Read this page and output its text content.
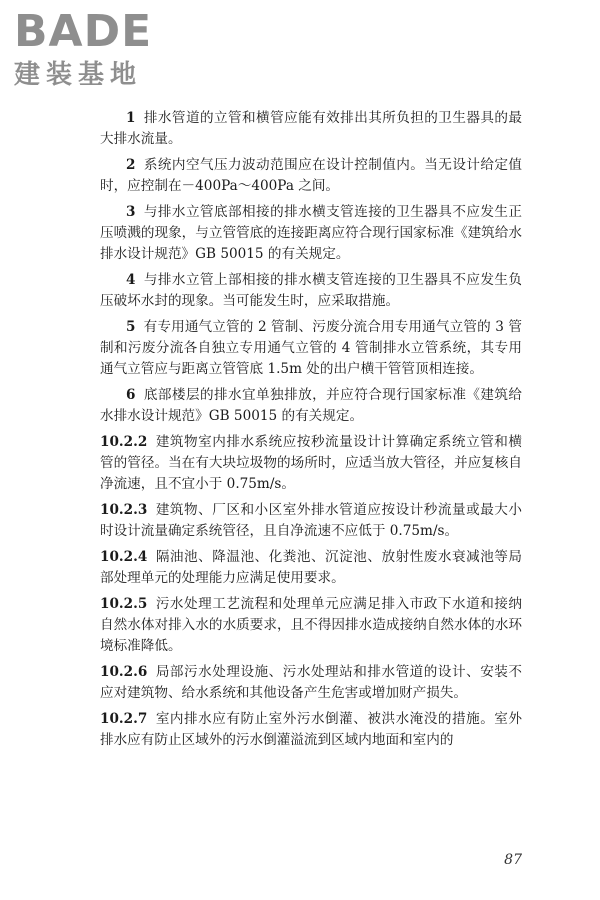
BADE
建装基地

1 排水管道的立管和横管应能有效排出其所负担的卫生器具的最大排水流量。

2 系统内空气压力波动范围应在设计控制值内。当无设计给定值时，应控制在－400Pa～400Pa 之间。

3 与排水立管底部相接的排水横支管连接的卫生器具不应发生正压喷溅的现象，与立管管底的连接距离应符合现行国家标准《建筑给水排水设计规范》GB 50015 的有关规定。

4 与排水立管上部相接的排水横支管连接的卫生器具不应发生负压破坏水封的现象。当可能发生时，应采取措施。

5 有专用通气立管的 2 管制、污废分流合用专用通气立管的 3 管制和污废分流各自独立专用通气立管的 4 管制排水立管系统，其专用通气立管应与距离立管管底 1.5m 处的出户横干管管顶相连接。

6 底部楼层的排水宜单独排放，并应符合现行国家标准《建筑给水排水设计规范》GB 50015 的有关规定。

10.2.2 建筑物室内排水系统应按秒流量设计计算确定系统立管和横管的管径。当在有大块垃圾物的场所时，应适当放大管径，并应复核自净流速，且不宜小于 0.75m/s。

10.2.3 建筑物、厂区和小区室外排水管道应按设计秒流量或最大小时设计流量确定系统管径，且自净流速不应低于 0.75m/s。

10.2.4 隔油池、降温池、化粪池、沉淀池、放射性废水衰减池等局部处理单元的处理能力应满足使用要求。

10.2.5 污水处理工艺流程和处理单元应满足排入市政下水道和接纳自然水体对排入水的水质要求，且不得因排水造成接纳自然水体的水环境标准降低。

10.2.6 局部污水处理设施、污水处理站和排水管道的设计、安装不应对建筑物、给水系统和其他设备产生危害或增加财产损失。

10.2.7 室内排水应有防止室外污水倒灌、被洪水淹没的措施。室外排水应有防止区域外的污水倒灌溢流到区域内地面和室内的

87
